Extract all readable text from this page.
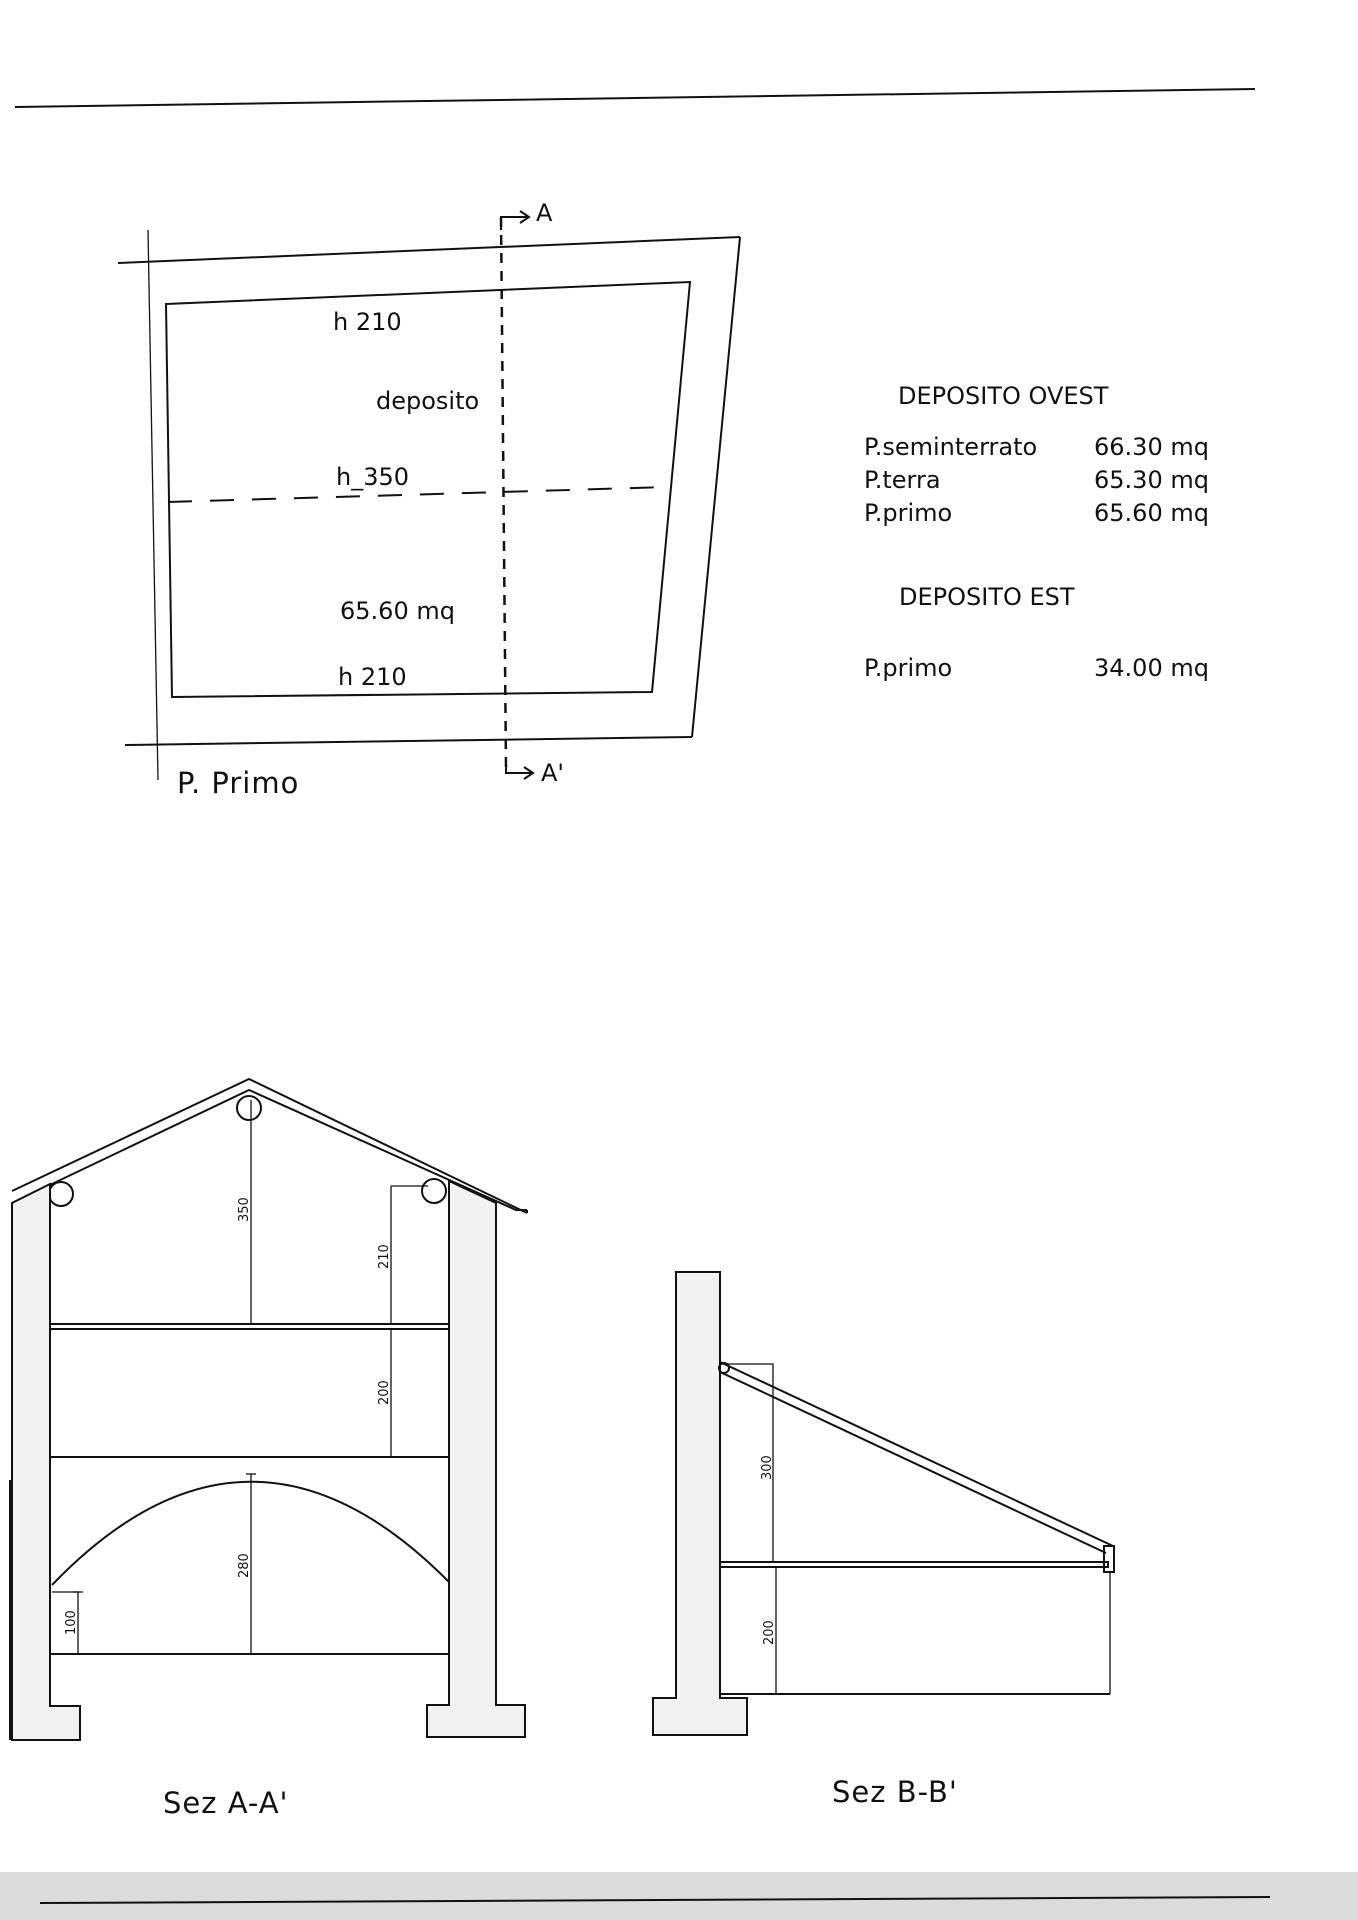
A
A'
h 210
deposito
h_350
65.60 mq
h 210
P. Primo
DEPOSITO OVEST
P.seminterrato 66.30 mq
P.terra	65.30 mq
P.primo	65.60 mq
DEPOSITO EST
P.primo	34.00 mq
350
210
200
280
100
Sez A-A'
300
200
Sez B-B'
